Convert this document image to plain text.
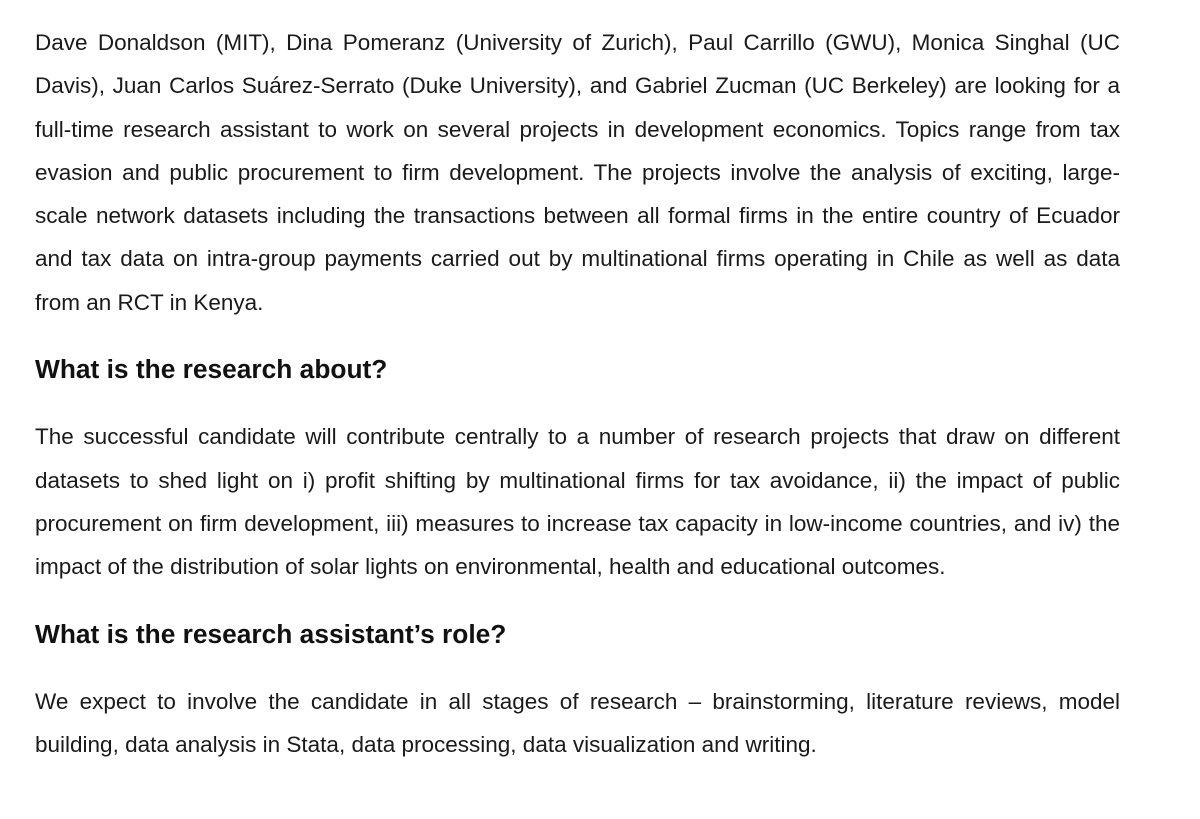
Dave Donaldson (MIT), Dina Pomeranz (University of Zurich), Paul Carrillo (GWU), Monica Singhal (UC Davis), Juan Carlos Suárez-Serrato (Duke University), and Gabriel Zucman (UC Berkeley) are looking for a full-time research assistant to work on several projects in development economics. Topics range from tax evasion and public procurement to firm development. The projects involve the analysis of exciting, large-scale network datasets including the transactions between all formal firms in the entire country of Ecuador and tax data on intra-group payments carried out by multinational firms operating in Chile as well as data from an RCT in Kenya.

What is the research about?

The successful candidate will contribute centrally to a number of research projects that draw on different datasets to shed light on i) profit shifting by multinational firms for tax avoidance, ii) the impact of public procurement on firm development, iii) measures to increase tax capacity in low-income countries, and iv) the impact of the distribution of solar lights on environmental, health and educational outcomes.

What is the research assistant’s role?

We expect to involve the candidate in all stages of research – brainstorming, literature reviews, model building, data analysis in Stata, data processing, data visualization and writing.
